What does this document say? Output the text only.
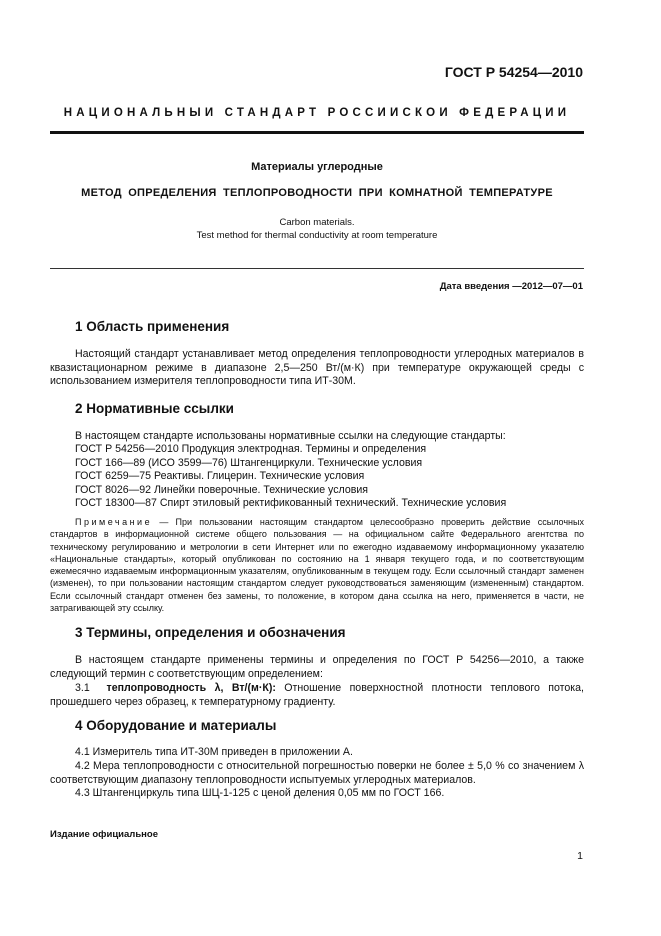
ГОСТ Р 54254—2010
НАЦИОНАЛЬНЫЙ СТАНДАРТ РОССИЙСКОЙ ФЕДЕРАЦИИ
Материалы углеродные
МЕТОД ОПРЕДЕЛЕНИЯ ТЕПЛОПРОВОДНОСТИ ПРИ КОМНАТНОЙ ТЕМПЕРАТУРЕ
Carbon materials.
Test method for thermal conductivity at room temperature
Дата введения —2012—07—01
1 Область применения
Настоящий стандарт устанавливает метод определения теплопроводности углеродных материалов в квазистационарном режиме в диапазоне 2,5—250 Вт/(м·К) при температуре окружающей среды с использованием измерителя теплопроводности типа ИТ-30М.
2 Нормативные ссылки
В настоящем стандарте использованы нормативные ссылки на следующие стандарты:
ГОСТ Р 54256—2010 Продукция электродная. Термины и определения
ГОСТ 166—89 (ИСО 3599—76) Штангенциркули. Технические условия
ГОСТ 6259—75 Реактивы. Глицерин. Технические условия
ГОСТ 8026—92 Линейки поверочные. Технические условия
ГОСТ 18300—87 Спирт этиловый ректификованный технический. Технические условия
Примечание — При пользовании настоящим стандартом целесообразно проверить действие ссылочных стандартов в информационной системе общего пользования — на официальном сайте Федерального агентства по техническому регулированию и метрологии в сети Интернет или по ежегодно издаваемому информационному указателю «Национальные стандарты», который опубликован по состоянию на 1 января текущего года, и по соответствующим ежемесячно издаваемым информационным указателям, опубликованным в текущем году. Если ссылочный стандарт заменен (изменен), то при пользовании настоящим стандартом следует руководствоваться заменяющим (измененным) стандартом. Если ссылочный стандарт отменен без замены, то положение, в котором дана ссылка на него, применяется в части, не затрагивающей эту ссылку.
3 Термины, определения и обозначения
В настоящем стандарте применены термины и определения по ГОСТ Р 54256—2010, а также следующий термин с соответствующим определением:
3.1 теплопроводность λ, Вт/(м·К): Отношение поверхностной плотности теплового потока, прошедшего через образец, к температурному градиенту.
4 Оборудование и материалы
4.1 Измеритель типа ИТ-30М приведен в приложении А.
4.2 Мера теплопроводности с относительной погрешностью поверки не более ± 5,0 % со значением λ соответствующим диапазону теплопроводности испытуемых углеродных материалов.
4.3 Штангенциркуль типа ШЦ-1-125 с ценой деления 0,05 мм по ГОСТ 166.
Издание официальное
1
